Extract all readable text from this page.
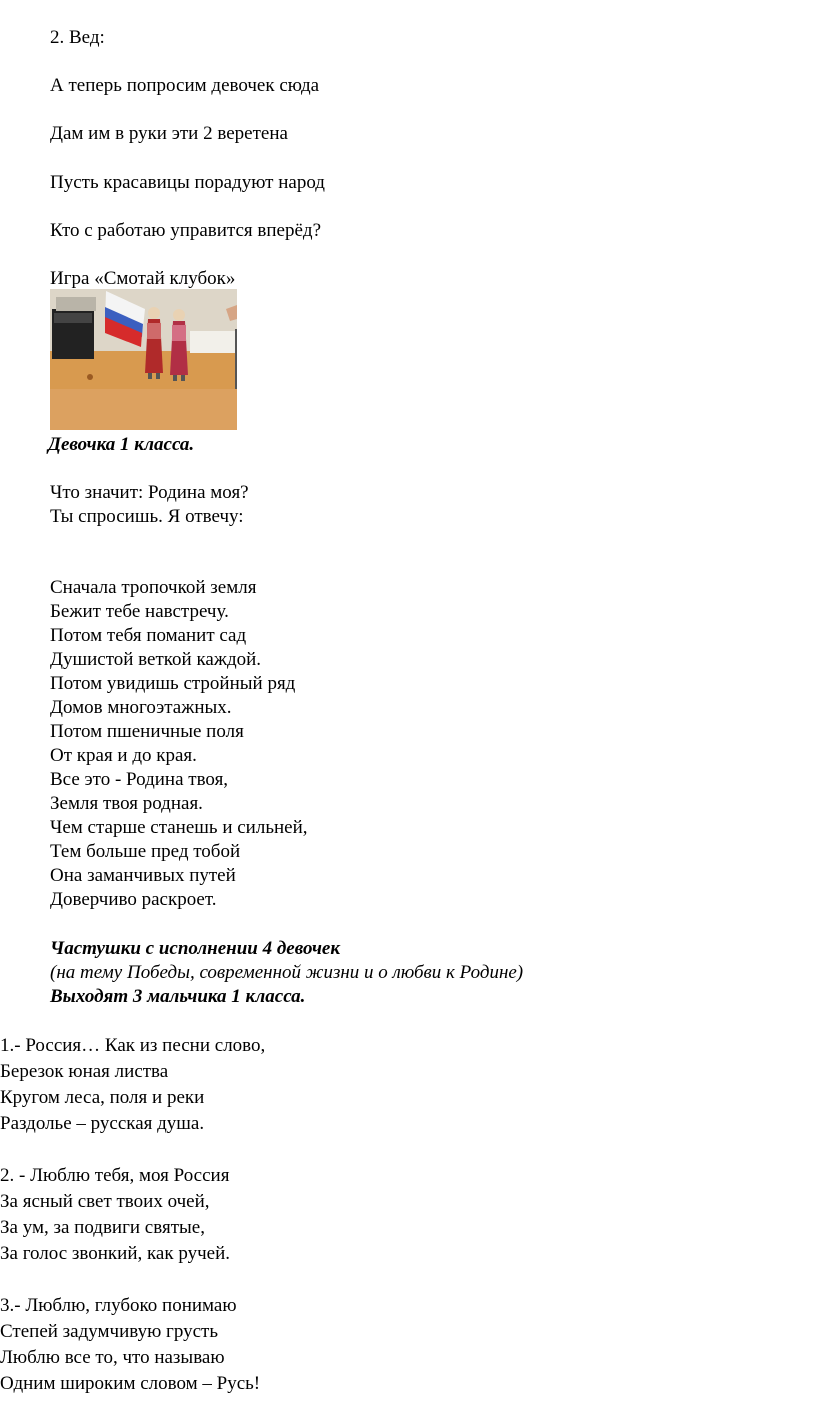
2. Вед:
А теперь попросим девочек сюда
Дам им в руки эти 2 веретена
Пусть красавицы порадуют народ
Кто с работаю управится вперёд?
Игра «Смотай клубок»
Девочка 1 класса.
Что значит: Родина моя?
Ты спросишь. Я отвечу:
Сначала тропочкой земля
Бежит тебе навстречу.
Потом тебя поманит сад
Душистой веткой каждой.
Потом увидишь стройный ряд
Домов многоэтажных.
Потом пшеничные поля
От края и до края.
Все это - Родина твоя,
Земля твоя родная.
Чем старше станешь и сильней,
Тем больше пред тобой
Она заманчивых путей
Доверчиво раскроет.
Частушки с исполнении 4 девочек
(на тему Победы, современной жизни и о любви к Родине)
Выходят 3 мальчика 1 класса.
1.- Россия… Как из песни слово,
Березок юная листва
Кругом леса, поля и реки
Раздолье – русская душа.
2. - Люблю тебя, моя Россия
За ясный свет твоих очей,
За ум, за подвиги святые,
За голос звонкий, как ручей.
3.- Люблю, глубоко понимаю
Степей задумчивую грусть
Люблю все то, что называю
Одним широким словом – Русь!
